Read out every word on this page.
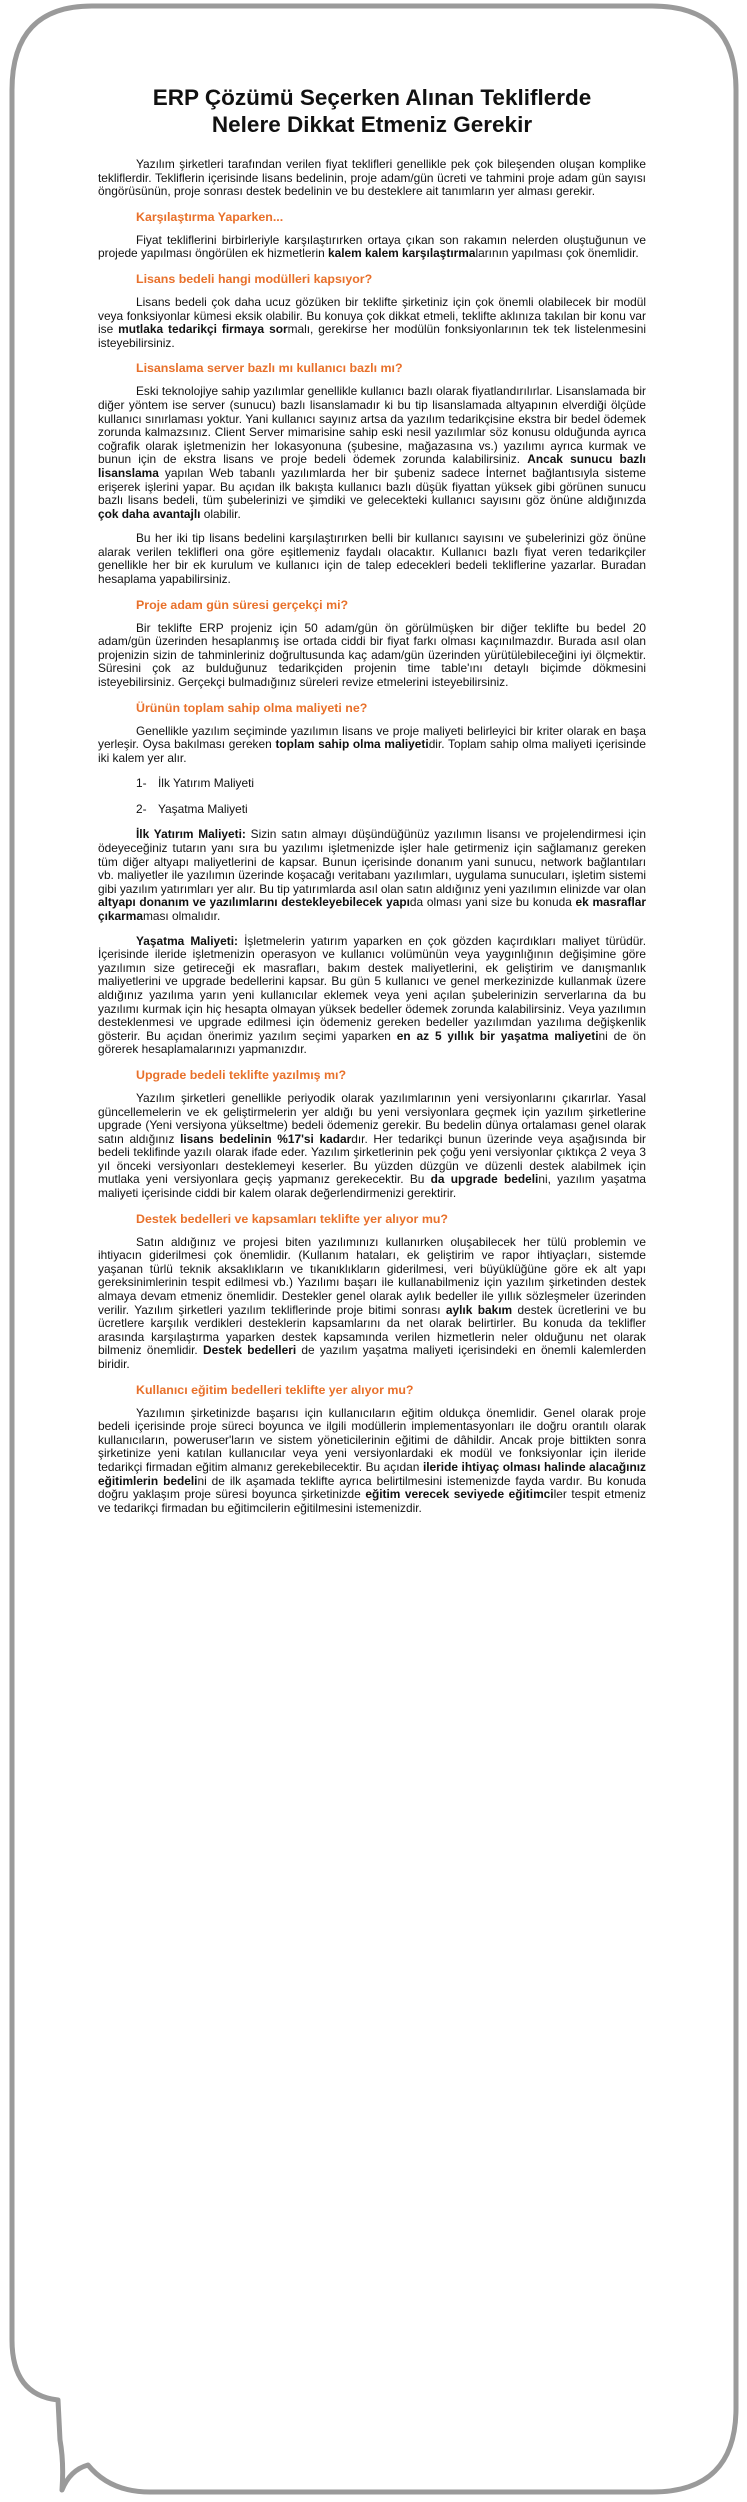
ERP Çözümü Seçerken Alınan Tekliflerde Nelere Dikkat Etmeniz Gerekir

Yazılım şirketleri tarafından verilen fiyat teklifleri genellikle pek çok bileşenden oluşan komplike tekliflerdir. Tekliflerin içerisinde lisans bedelinin, proje adam/gün ücreti ve tahmini proje adam gün sayısı öngörüsünün, proje sonrası destek bedelinin ve bu desteklere ait tanımların yer alması gerekir.

Karşılaştırma Yaparken...

Fiyat tekliflerini birbirleriyle karşılaştırırken ortaya çıkan son rakamın nelerden oluştuğunun ve projede yapılması öngörülen ek hizmetlerin kalem kalem karşılaştırmalarının yapılması çok önemlidir.

Lisans bedeli hangi modülleri kapsıyor?

Lisans bedeli çok daha ucuz gözüken bir teklifte şirketiniz için çok önemli olabilecek bir modül veya fonksiyonlar kümesi eksik olabilir. Bu konuya çok dikkat etmeli, teklifte aklınıza takılan bir konu var ise mutlaka tedarikçi firmaya sormalı, gerekirse her modülün fonksiyonlarının tek tek listelenmesini isteyebilirsiniz.

Lisanslama server bazlı mı kullanıcı bazlı mı?

Eski teknolojiye sahip yazılımlar genellikle kullanıcı bazlı olarak fiyatlandırılırlar. Lisanslamada bir diğer yöntem ise server (sunucu) bazlı lisanslamadır ki bu tip lisanslamada altyapının elverdiği ölçüde kullanıcı sınırlaması yoktur. Yani kullanıcı sayınız artsa da yazılım tedarikçisine ekstra bir bedel ödemek zorunda kalmazsınız. Client Server mimarisine sahip eski nesil yazılımlar söz konusu olduğunda ayrıca coğrafik olarak işletmenizin her lokasyonuna (şubesine, mağazasına vs.) yazılımı ayrıca kurmak ve bunun için de ekstra lisans ve proje bedeli ödemek zorunda kalabilirsiniz. Ancak sunucu bazlı lisanslama yapılan Web tabanlı yazılımlarda her bir şubeniz sadece İnternet bağlantısıyla sisteme erişerek işlerini yapar. Bu açıdan ilk bakışta kullanıcı bazlı düşük fiyattan yüksek gibi görünen sunucu bazlı lisans bedeli, tüm şubelerinizi ve şimdiki ve gelecekteki kullanıcı sayısını göz önüne aldığınızda çok daha avantajlı olabilir.

Bu her iki tip lisans bedelini karşılaştırırken belli bir kullanıcı sayısını ve şubelerinizi göz önüne alarak verilen teklifleri ona göre eşitlemeniz faydalı olacaktır. Kullanıcı bazlı fiyat veren tedarikçiler genellikle her bir ek kurulum ve kullanıcı için de talep edecekleri bedeli tekliflerine yazarlar. Buradan hesaplama yapabilirsiniz.

Proje adam gün süresi gerçekçi mi?

Bir teklifte ERP projeniz için 50 adam/gün ön görülmüşken bir diğer teklifte bu bedel 20 adam/gün üzerinden hesaplanmış ise ortada ciddi bir fiyat farkı olması kaçınılmazdır. Burada asıl olan projenizin sizin de tahminleriniz doğrultusunda kaç adam/gün üzerinden yürütülebileceğini iyi ölçmektir. Süresini çok az bulduğunuz tedarikçiden projenin time table'ını detaylı biçimde dökmesini isteyebilirsiniz. Gerçekçi bulmadığınız süreleri revize etmelerini isteyebilirsiniz.

Ürünün toplam sahip olma maliyeti ne?

Genellikle yazılım seçiminde yazılımın lisans ve proje maliyeti belirleyici bir kriter olarak en başa yerleşir. Oysa bakılması gereken toplam sahip olma maliyetidir. Toplam sahip olma maliyeti içerisinde iki kalem yer alır.

1- İlk Yatırım Maliyeti
2- Yaşatma Maliyeti

İlk Yatırım Maliyeti: Sizin satın almayı düşündüğünüz yazılımın lisansı ve projelendirmesi için ödeyeceğiniz tutarın yanı sıra bu yazılımı işletmenizde işler hale getirmeniz için sağlamanız gereken tüm diğer altyapı maliyetlerini de kapsar. Bunun içerisinde donanım yani sunucu, network bağlantıları vb. maliyetler ile yazılımın üzerinde koşacağı veritabanı yazılımları, uygulama sunucuları, işletim sistemi gibi yazılım yatırımları yer alır. Bu tip yatırımlarda asıl olan satın aldığınız yeni yazılımın elinizde var olan altyapı donanım ve yazılımlarını desteklеyebilecek yapıda olması yani size bu konuda ek masraflar çıkarmaması olmalıdır.

Yaşatma Maliyeti: İşletmelerin yatırım yaparken en çok gözden kaçırdıkları maliyet türüdür. İçerisinde ileride işletmenizin operasyon ve kullanıcı volümünün veya yaygınlığının değişimine göre yazılımın size getireceği ek masrafları, bakım destek maliyetlerini, ek geliştirim ve danışmanlık maliyetlerini ve upgrade bedellerini kapsar. Bu gün 5 kullanıcı ve genel merkezinizde kullanmak üzere aldığınız yazılıma yarın yeni kullanıcılar eklemek veya yeni açılan şubelerinizin serverlarına da bu yazılımı kurmak için hiç hesapta olmayan yüksek bedeller ödemek zorunda kalabilirsiniz. Veya yazılımın desteklenmesi ve upgrade edilmesi için ödemeniz gereken bedeller yazılımdan yazılıma değişkenlik gösterir. Bu açıdan önerimiz yazılım seçimi yaparken en az 5 yıllık bir yaşatma maliyetini de ön görerek hesaplamalarınızı yapmanızdır.

Upgrade bedeli teklifte yazılmış mı?

Yazılım şirketleri genellikle periyodik olarak yazılımlarının yeni versiyonlarını çıkarırlar. Yasal güncellemelerin ve ek geliştirmelerin yer aldığı bu yeni versiyonlara geçmek için yazılım şirketlerine upgrade (Yeni versiyona yükseltme) bedeli ödemeniz gerekir. Bu bedelin dünya ortalaması genel olarak satın aldığınız lisans bedelinin %17'si kadardır. Her tedarikçi bunun üzerinde veya aşağısında bir bedeli teklifinde yazılı olarak ifade eder. Yazılım şirketlerinin pek çoğu yeni versiyonlar çıktıkça 2 veya 3 yıl önceki versiyonları desteklemeyi keserler. Bu yüzden düzgün ve düzenli destek alabilmek için mutlaka yeni versiyonlara geçiş yapmanız gerekecektir. Bu da upgrade bedelini, yazılım yaşatma maliyeti içerisinde ciddi bir kalem olarak değerlendirmenizi gerektirir.

Destek bedelleri ve kapsamları teklifte yer alıyor mu?

Satın aldığınız ve projesi biten yazılımınızı kullanırken oluşabilecek her tülü problemin ve ihtiyacın giderilmesi çok önemlidir. (Kullanım hataları, ek geliştirim ve rapor ihtiyaçları, sistemde yaşanan türlü teknik aksaklıkların ve tıkanıklıkların giderilmesi, veri büyüklüğüne göre ek alt yapı gereksinimlerinin tespit edilmesi vb.) Yazılımı başarı ile kullanabilmeniz için yazılım şirketinden destek almaya devam etmeniz önemlidir. Destekler genel olarak aylık bedeller ile yıllık sözleşmeler üzerinden verilir. Yazılım şirketleri yazılım tekliflerinde proje bitimi sonrası aylık bakım destek ücretlerini ve bu ücretlere karşılık verdikleri desteklerin kapsamlarını da net olarak belirtirler. Bu konuda da teklifler arasında karşılaştırma yaparken destek kapsamında verilen hizmetlerin neler olduğunu net olarak bilmeniz önemlidir. Destek bedelleri de yazılım yaşatma maliyeti içerisindeki en önemli kalemlerden biridir.

Kullanıcı eğitim bedelleri teklifte yer alıyor mu?

Yazılımın şirketinizde başarısı için kullanıcıların eğitim oldukça önemlidir. Genel olarak proje bedeli içerisinde proje süreci boyunca ve ilgili modüllerin implementasyonları ile doğru orantılı olarak kullanıcıların, poweruser'ların ve sistem yöneticilerinin eğitimi de dâhildir. Ancak proje bittikten sonra şirketinize yeni katılan kullanıcılar veya yeni versiyonlardaki ek modül ve fonksiyonlar için ileride tedarikçi firmadan eğitim almanız gerekebilecektir. Bu açıdan ileride ihtiyaç olması halinde alacağınız eğitimlerin bedelini de ilk aşamada teklifte ayrıca belirtilmesini istemenizde fayda vardır. Bu konuda doğru yaklaşım proje süresi boyunca şirketinizde eğitim verecek seviyede eğitimciler tespit etmeniz ve tedarikçi firmadan bu eğitimcilerin eğitilmesini istemenizdir.
